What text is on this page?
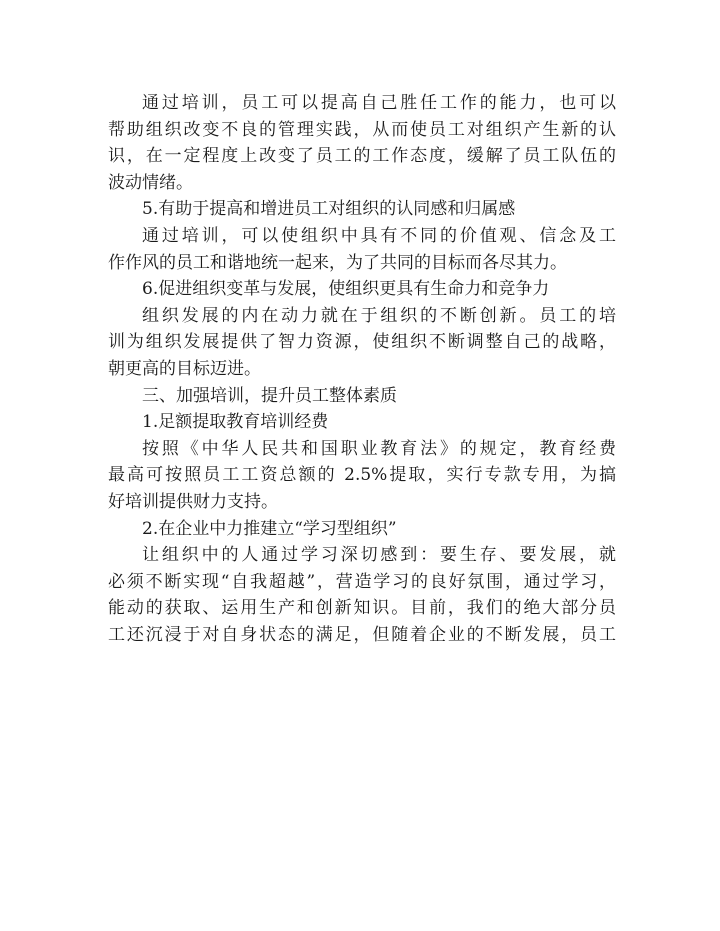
通过培训，员工可以提高自己胜任工作的能力，也可以
帮助组织改变不良的管理实践，从而使员工对组织产生新的认
识，在一定程度上改变了员工的工作态度，缓解了员工队伍的
波动情绪。
5.有助于提高和增进员工对组织的认同感和归属感
通过培训，可以使组织中具有不同的价值观、信念及工
作作风的员工和谐地统一起来，为了共同的目标而各尽其力。
6.促进组织变革与发展，使组织更具有生命力和竞争力
组织发展的内在动力就在于组织的不断创新。员工的培
训为组织发展提供了智力资源，使组织不断调整自己的战略，
朝更高的目标迈进。
三、加强培训，提升员工整体素质
1.足额提取教育培训经费
按照《中华人民共和国职业教育法》的规定，教育经费
最高可按照员工工资总额的 2.5%提取，实行专款专用，为搞
好培训提供财力支持。
2.在企业中力推建立“学习型组织”
让组织中的人通过学习深切感到：要生存、要发展，就
必须不断实现“自我超越”，营造学习的良好氛围，通过学习，
能动的获取、运用生产和创新知识。目前，我们的绝大部分员
工还沉浸于对自身状态的满足，但随着企业的不断发展，员工
